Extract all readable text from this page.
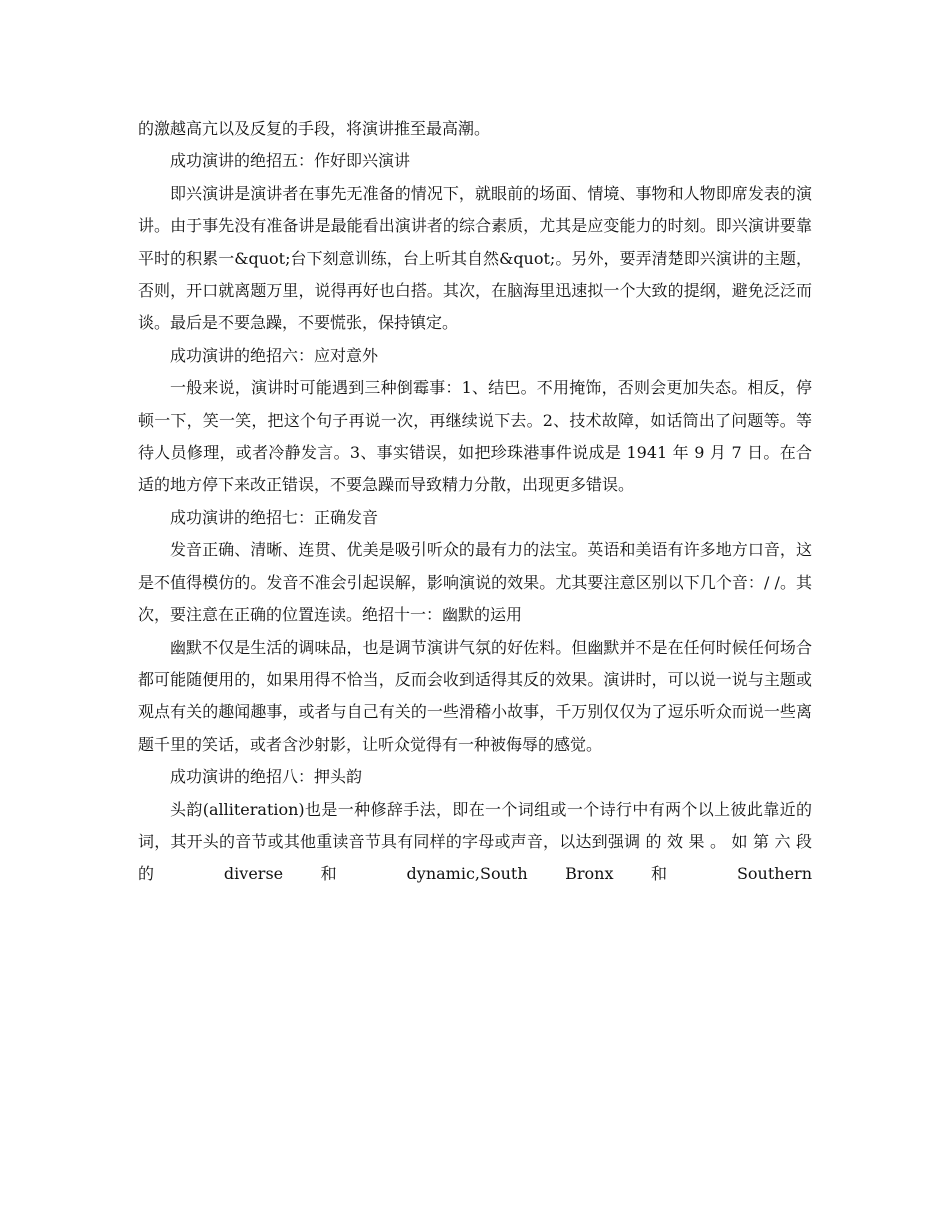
的激越高亢以及反复的手段，将演讲推至最高潮。

成功演讲的绝招五：作好即兴演讲

即兴演讲是演讲者在事先无准备的情况下，就眼前的场面、情境、事物和人物即席发表的演讲。由于事先没有准备讲是最能看出演讲者的综合素质，尤其是应变能力的时刻。即兴演讲要靠平时的积累一&quot;台下刻意训练，台上听其自然&quot;。另外，要弄清楚即兴演讲的主题，否则，开口就离题万里，说得再好也白搭。其次，在脑海里迅速拟一个大致的提纲，避免泛泛而谈。最后是不要急躁，不要慌张，保持镇定。

成功演讲的绝招六：应对意外

一般来说，演讲时可能遇到三种倒霉事：1、结巴。不用掩饰，否则会更加失态。相反，停顿一下，笑一笑，把这个句子再说一次，再继续说下去。2、技术故障，如话筒出了问题等。等待人员修理，或者冷静发言。3、事实错误，如把珍珠港事件说成是 1941 年 9 月 7 日。在合适的地方停下来改正错误，不要急躁而导致精力分散，出现更多错误。

成功演讲的绝招七：正确发音

发音正确、清晰、连贯、优美是吸引听众的最有力的法宝。英语和美语有许多地方口音，这是不值得模仿的。发音不准会引起误解，影响演说的效果。尤其要注意区别以下几个音：/ /。其次，要注意在正确的位置连读。绝招十一：幽默的运用

幽默不仅是生活的调味品，也是调节演讲气氛的好佐料。但幽默并不是在任何时候任何场合都可能随便用的，如果用得不恰当，反而会收到适得其反的效果。演讲时，可以说一说与主题或观点有关的趣闻趣事，或者与自己有关的一些滑稽小故事，千万别仅仅为了逗乐听众而说一些离题千里的笑话，或者含沙射影，让听众觉得有一种被侮辱的感觉。

成功演讲的绝招八：押头韵

头韵(alliteration)也是一种修辞手法，即在一个词组或一个诗行中有两个以上彼此靠近的词，其开头的音节或其他重读音节具有同样的字母或声音，以达到强调 的 效 果 。 如 第 六 段 的 diverse 和 dynamic,South Bronx 和 Southern
